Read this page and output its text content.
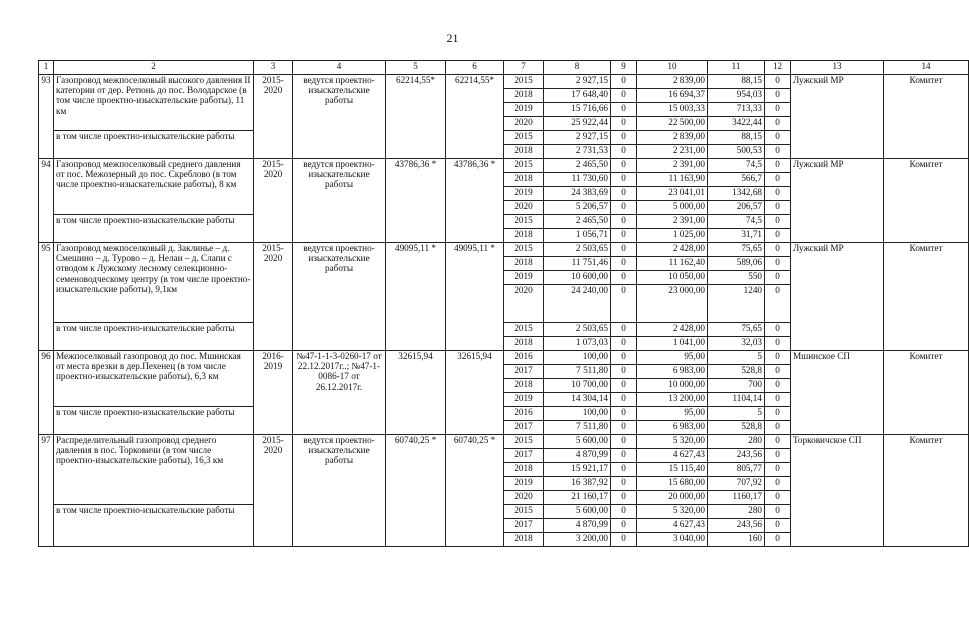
21
1	2	3	4	5	6	7	8	9	10	11	12	13	14
93	Газопровод межпоселковый высокого давления II категории от дер. Ретюнь до пос. Володарское (в том числе проектно-изыскательские работы), 11 км	2015-2020	ведутся проектно-изыскательские работы	62214,55*	62214,55*	2015	2 927,15	0	2 839,00	88,15	0	Лужский МР	Комитет
						2018	17 648,40	0	16 694,37	954,03	0		
						2019	15 716,66	0	15 003,33	713,33	0		
						2020	25 922,44	0	22 500,00	3422,44	0		
	в том числе проектно-изыскательские работы					2015	2 927,15	0	2 839,00	88,15	0		
						2018	2 731,53	0	2 231,00	500,53	0		
94	Газопровод межпоселковый среднего давления от пос. Межозерный до пос. Скреблово (в том числе проектно-изыскательские работы), 8 км	2015-2020	ведутся проектно-изыскательские работы	43786,36 *	43786,36 *	2015	2 465,50	0	2 391,00	74,5	0	Лужский МР	Комитет
						2018	11 730,60	0	11 163,90	566,7	0		
						2019	24 383,69	0	23 041,01	1342,68	0		
						2020	5 206,57	0	5 000,00	206,57	0		
	в том числе проектно-изыскательские работы					2015	2 465,50	0	2 391,00	74,5	0		
						2018	1 056,71	0	1 025,00	31,71	0		
95	Газопровод межпоселковый д. Заклинье – д. Смешино – д. Турово – д. Нелаи – д. Слапи с отводом к Лужскому лесному селекционно-семеноводческому центру (в том числе проектно-изыскательские работы), 9,1км	2015-2020	ведутся проектно-изыскательские работы	49095,11 *	49095,11 *	2015	2 503,65	0	2 428,00	75,65	0	Лужский МР	Комитет
						2018	11 751,46	0	11 162,40	589,06	0		
						2019	10 600,00	0	10 050,00	550	0		
						2020	24 240,00	0	23 000,00	1240	0		
	в том числе проектно-изыскательские работы					2015	2 503,65	0	2 428,00	75,65	0		
						2018	1 073,03	0	1 041,00	32,03	0		
96	Межпоселковый газопровод до пос. Мшинская от места врезки в дер.Пехенец (в том числе проектно-изыскательские работы), 6,3 км	2016-2019	№47-1-1-3-0260-17 от 22.12.2017г..; №47-1-0086-17 от 26.12.2017г.	32615,94	32615,94	2016	100,00	0	95,00	5	0	Мшинское СП	Комитет
						2017	7 511,80	0	6 983,00	528,8	0		
						2018	10 700,00	0	10 000,00	700	0		
						2019	14 304,14	0	13 200,00	1104,14	0		
	в том числе проектно-изыскательские работы					2016	100,00	0	95,00	5	0		
						2017	7 511,80	0	6 983,00	528,8	0		
97	Распределительный газопровод среднего давления в пос. Торковичи (в том числе проектно-изыскательские работы), 16,3 км	2015-2020	ведутся проектно-изыскательские работы	60740,25 *	60740,25 *	2015	5 600,00	0	5 320,00	280	0	Торковичское СП	Комитет
						2017	4 870,99	0	4 627,43	243,56	0		
						2018	15 921,17	0	15 115,40	805,77	0		
						2019	16 387,92	0	15 680,00	707,92	0		
						2020	21 160,17	0	20 000,00	1160,17	0		
	в том числе проектно-изыскательские работы					2015	5 600,00	0	5 320,00	280	0		
						2017	4 870,99	0	4 627,43	243,56	0		
						2018	3 200,00	0	3 040,00	160	0		
